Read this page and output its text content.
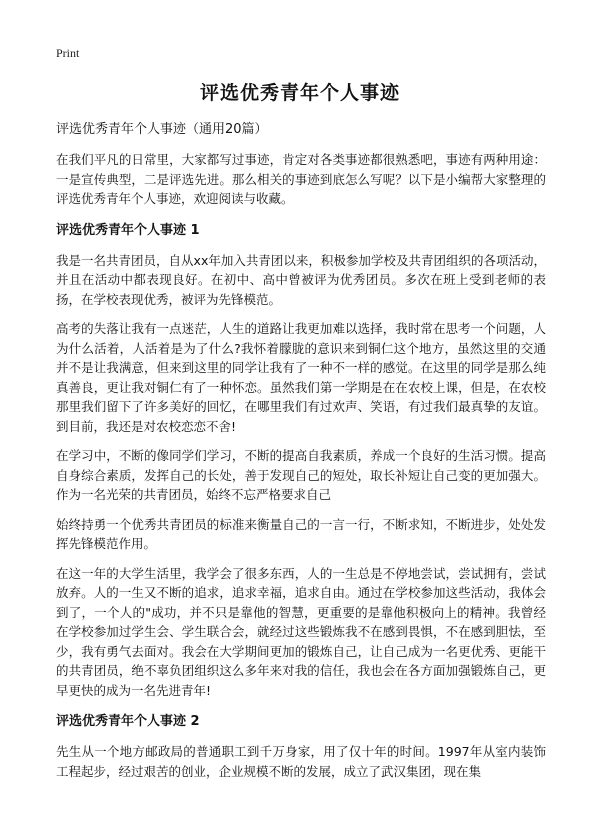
Print
评选优秀青年个人事迹

评选优秀青年个人事迹（通用20篇）

在我们平凡的日常里，大家都写过事迹，肯定对各类事迹都很熟悉吧，事迹有两种用途：一是宣传典型，二是评选先进。那么相关的事迹到底怎么写呢？以下是小编帮大家整理的评选优秀青年个人事迹，欢迎阅读与收藏。

评选优秀青年个人事迹 1

我是一名共青团员，自从xx年加入共青团以来，积极参加学校及共青团组织的各项活动，并且在活动中都表现良好。在初中、高中曾被评为优秀团员。多次在班上受到老师的表扬，在学校表现优秀，被评为先锋模范。

高考的失落让我有一点迷茫，人生的道路让我更加难以选择，我时常在思考一个问题，人为什么活着，人活着是为了什么?我怀着朦胧的意识来到铜仁这个地方，虽然这里的交通并不是让我满意，但来到这里的同学让我有了一种不一样的感觉。在这里的同学是那么纯真善良，更让我对铜仁有了一种怀恋。虽然我们第一学期是在在农校上课，但是，在农校那里我们留下了许多美好的回忆，在哪里我们有过欢声、笑语，有过我们最真挚的友谊。到目前，我还是对农校恋恋不舍!

在学习中，不断的像同学们学习，不断的提高自我素质，养成一个良好的生活习惯。提高自身综合素质，发挥自己的长处，善于发现自己的短处，取长补短让自己变的更加强大。作为一名光荣的共青团员，始终不忘严格要求自己

始终持勇一个优秀共青团员的标准来衡量自己的一言一行，不断求知，不断进步，处处发挥先锋模范作用。

在这一年的大学生活里，我学会了很多东西，人的一生总是不停地尝试，尝试拥有，尝试放弃。人的一生又不断的追求，追求幸福，追求自由。通过在学校参加这些活动，我体会到了，一个人的"成功，并不只是靠他的智慧，更重要的是靠他积极向上的精神。我曾经在学校参加过学生会、学生联合会，就经过这些锻炼我不在感到畏惧，不在感到胆怯，至少，我有勇气去面对。我会在大学期间更加的锻炼自己，让自己成为一名更优秀、更能干的共青团员，绝不辜负团组织这么多年来对我的信任，我也会在各方面加强锻炼自己，更早更快的成为一名先进青年!

评选优秀青年个人事迹 2

先生从一个地方邮政局的普通职工到千万身家，用了仅十年的时间。1997年从室内装饰工程起步，经过艰苦的创业，企业规模不断的发展，成立了武汉集团，现在集
